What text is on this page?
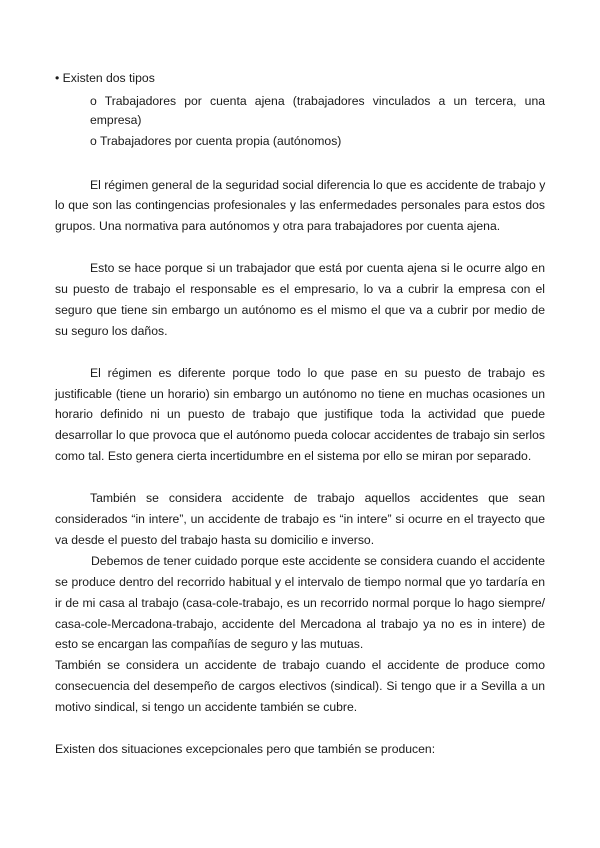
• Existen dos tipos
o Trabajadores por cuenta ajena (trabajadores vinculados a un tercera, una
empresa)
o Trabajadores por cuenta propia (autónomos)
El régimen general de la seguridad social diferencia lo que es accidente de trabajo y
lo que son las contingencias profesionales y las enfermedades personales para estos dos
grupos. Una normativa para autónomos y otra para trabajadores por cuenta ajena.
Esto se hace porque si un trabajador que está por cuenta ajena si le ocurre algo en
su puesto de trabajo el responsable es el empresario, lo va a cubrir la empresa con el
seguro que tiene sin embargo un autónomo es el mismo el que va a cubrir por medio de
su seguro los daños.
El régimen es diferente porque todo lo que pase en su puesto de trabajo es
justificable (tiene un horario) sin embargo un autónomo no tiene en muchas ocasiones un
horario definido ni un puesto de trabajo que justifique toda la actividad que puede
desarrollar lo que provoca que el autónomo pueda colocar accidentes de trabajo sin serlos
como tal. Esto genera cierta incertidumbre en el sistema por ello se miran por separado.
También se considera accidente de trabajo aquellos accidentes que sean
considerados “in intere”, un accidente de trabajo es “in intere” si ocurre en el trayecto que
va desde el puesto del trabajo hasta su domicilio e inverso.
Debemos de tener cuidado porque este accidente se considera cuando el accidente
se produce dentro del recorrido habitual y el intervalo de tiempo normal que yo tardaría en
ir de mi casa al trabajo (casa-cole-trabajo, es un recorrido normal porque lo hago siempre/
casa-cole-Mercadona-trabajo, accidente del Mercadona al trabajo ya no es in intere) de
esto se encargan las compañías de seguro y las mutuas.
También se considera un accidente de trabajo cuando el accidente de produce como
consecuencia del desempeño de cargos electivos (sindical). Si tengo que ir a Sevilla a un
motivo sindical, si tengo un accidente también se cubre.
Existen dos situaciones excepcionales pero que también se producen:
